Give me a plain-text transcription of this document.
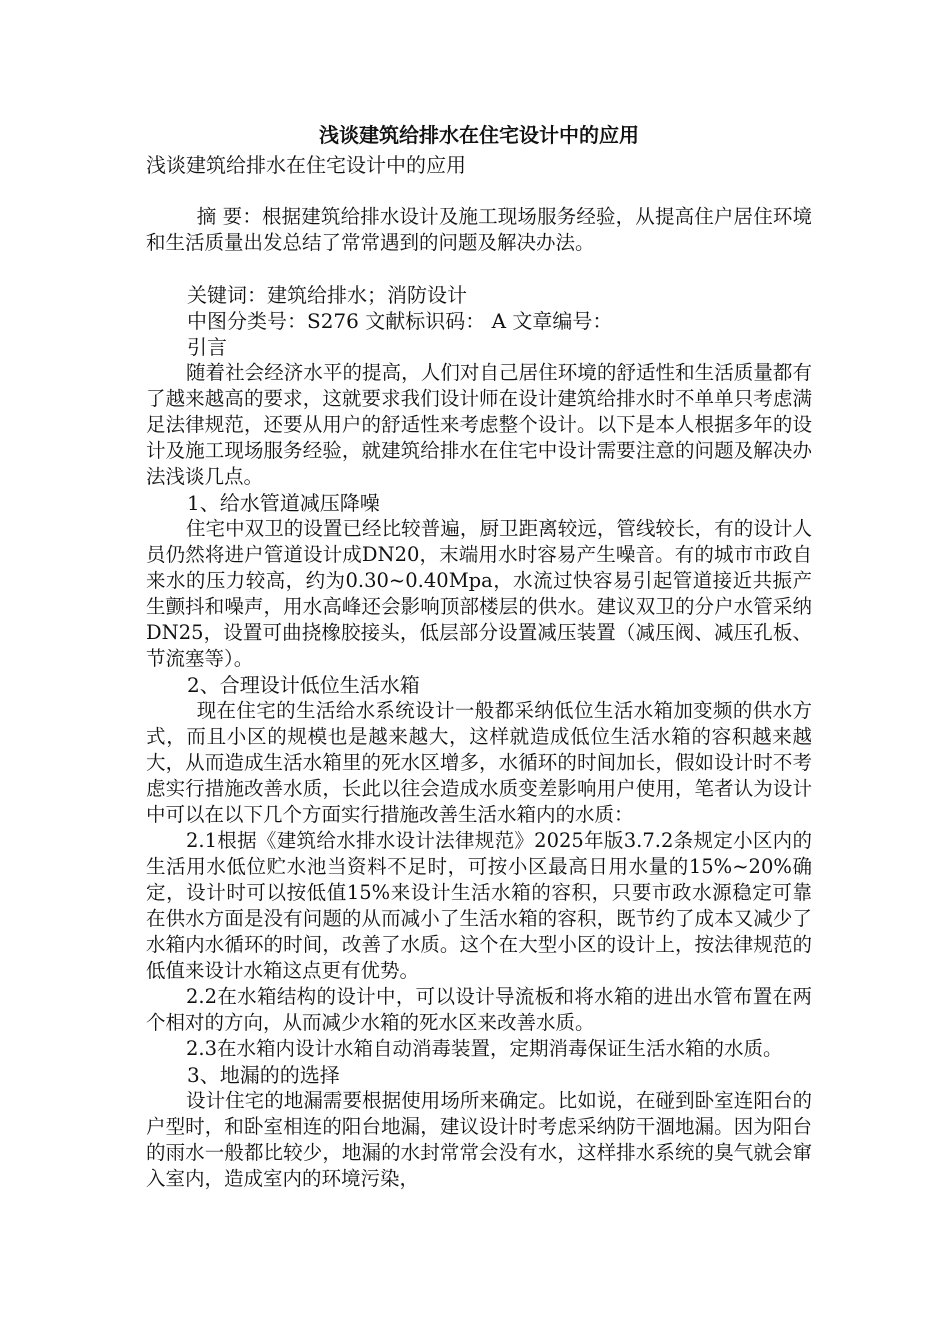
浅谈建筑给排水在住宅设计中的应用

浅谈建筑给排水在住宅设计中的应用

摘 要：根据建筑给排水设计及施工现场服务经验，从提高住户居住环境和生活质量出发总结了常常遇到的问题及解决办法。

关键词：建筑给排水；消防设计

中图分类号：S276 文献标识码： A 文章编号：

引言

随着社会经济水平的提高，人们对自己居住环境的舒适性和生活质量都有了越来越高的要求，这就要求我们设计师在设计建筑给排水时不单单只考虑满足法律规范，还要从用户的舒适性来考虑整个设计。以下是本人根据多年的设计及施工现场服务经验，就建筑给排水在住宅中设计需要注意的问题及解决办法浅谈几点。

1、给水管道减压降噪

住宅中双卫的设置已经比较普遍，厨卫距离较远，管线较长，有的设计人员仍然将进户管道设计成DN20，末端用水时容易产生噪音。有的城市市政自来水的压力较高，约为0.30~0.40Mpa，水流过快容易引起管道接近共振产生颤抖和噪声，用水高峰还会影响顶部楼层的供水。建议双卫的分户水管采纳DN25，设置可曲挠橡胶接头，低层部分设置减压装置（减压阀、减压孔板、节流塞等）。

2、合理设计低位生活水箱

现在住宅的生活给水系统设计一般都采纳低位生活水箱加变频的供水方式，而且小区的规模也是越来越大，这样就造成低位生活水箱的容积越来越大，从而造成生活水箱里的死水区增多，水循环的时间加长，假如设计时不考虑实行措施改善水质，长此以往会造成水质变差影响用户使用，笔者认为设计中可以在以下几个方面实行措施改善生活水箱内的水质：

2.1根据《建筑给水排水设计法律规范》2025年版3.7.2条规定小区内的生活用水低位贮水池当资料不足时，可按小区最高日用水量的15%~20%确定，设计时可以按低值15%来设计生活水箱的容积，只要市政水源稳定可靠在供水方面是没有问题的从而减小了生活水箱的容积，既节约了成本又减少了水箱内水循环的时间，改善了水质。这个在大型小区的设计上，按法律规范的低值来设计水箱这点更有优势。

2.2在水箱结构的设计中，可以设计导流板和将水箱的进出水管布置在两个相对的方向，从而减少水箱的死水区来改善水质。

2.3在水箱内设计水箱自动消毒装置，定期消毒保证生活水箱的水质。

3、地漏的的选择

设计住宅的地漏需要根据使用场所来确定。比如说，在碰到卧室连阳台的户型时，和卧室相连的阳台地漏，建议设计时考虑采纳防干涸地漏。因为阳台的雨水一般都比较少，地漏的水封常常会没有水，这样排水系统的臭气就会窜入室内，造成室内的环境污染，
